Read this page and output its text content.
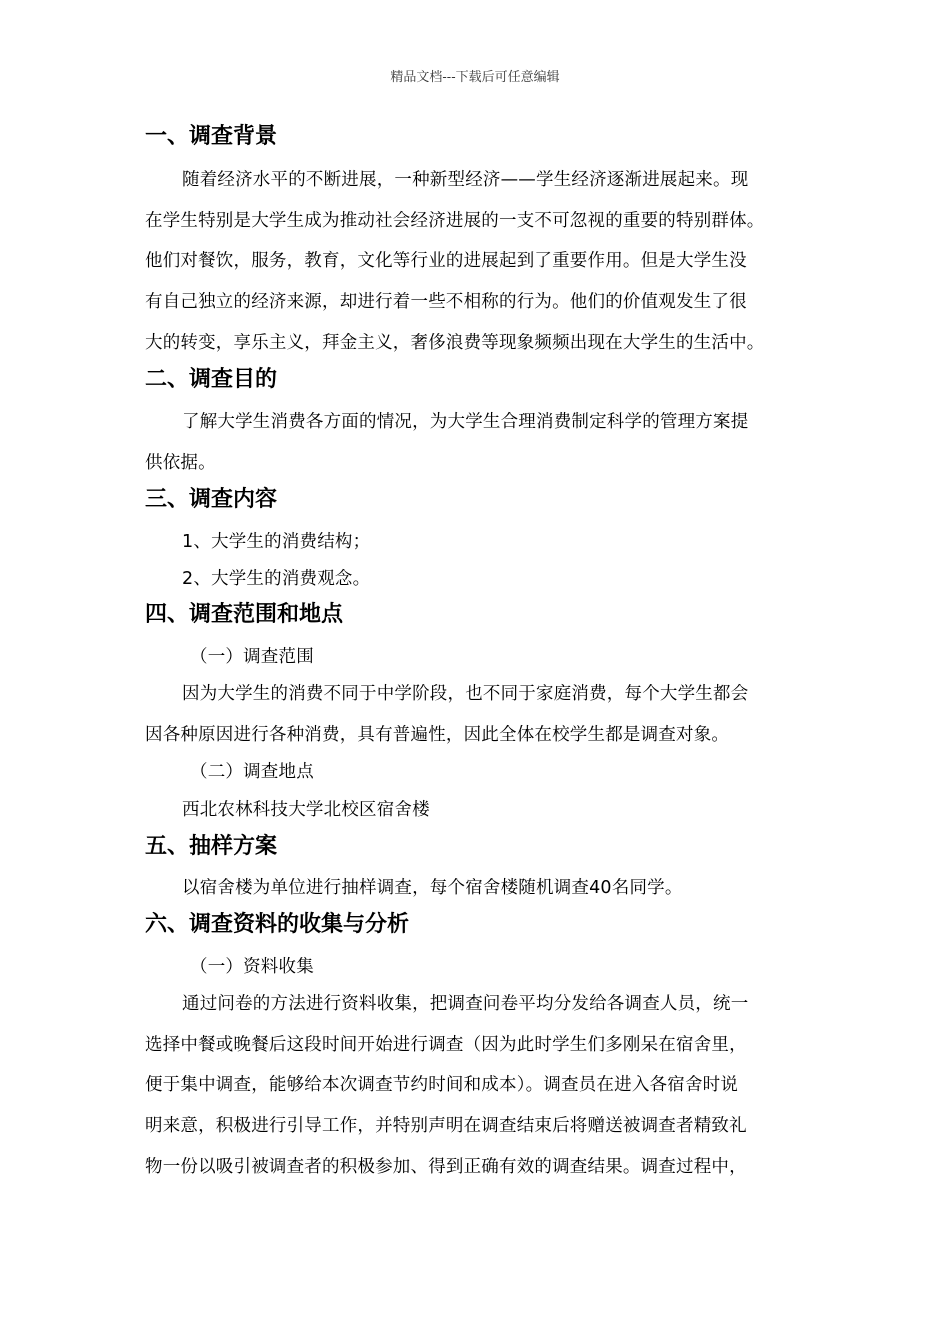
精品文档---下载后可任意编辑
一、调查背景
随着经济水平的不断进展，一种新型经济——学生经济逐渐进展起来。现
在学生特别是大学生成为推动社会经济进展的一支不可忽视的重要的特别群体。
他们对餐饮，服务，教育，文化等行业的进展起到了重要作用。但是大学生没
有自己独立的经济来源，却进行着一些不相称的行为。他们的价值观发生了很
大的转变，享乐主义，拜金主义，奢侈浪费等现象频频出现在大学生的生活中。
二、调查目的
了解大学生消费各方面的情况，为大学生合理消费制定科学的管理方案提
供依据。
三、调查内容
1、大学生的消费结构；
2、大学生的消费观念。
四、调查范围和地点
（一）调查范围
因为大学生的消费不同于中学阶段，也不同于家庭消费，每个大学生都会
因各种原因进行各种消费，具有普遍性，因此全体在校学生都是调查对象。
（二）调查地点
西北农林科技大学北校区宿舍楼
五、抽样方案
以宿舍楼为单位进行抽样调查，每个宿舍楼随机调查40名同学。
六、调查资料的收集与分析
（一）资料收集
通过问卷的方法进行资料收集，把调查问卷平均分发给各调查人员，统一
选择中餐或晚餐后这段时间开始进行调查（因为此时学生们多刚呆在宿舍里，
便于集中调查，能够给本次调查节约时间和成本）。调查员在进入各宿舍时说
明来意，积极进行引导工作，并特别声明在调查结束后将赠送被调查者精致礼
物一份以吸引被调查者的积极参加、得到正确有效的调查结果。调查过程中，
